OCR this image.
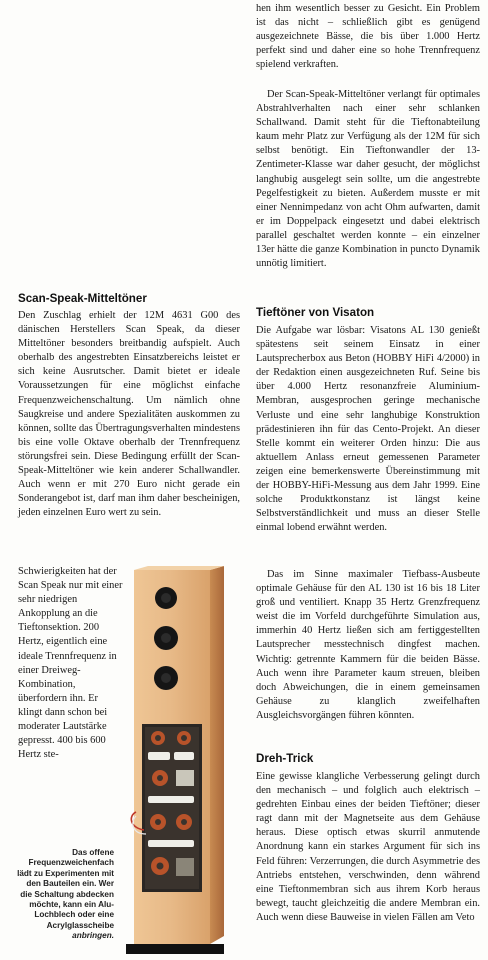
Scan-Speak-Mitteltöner

Den Zuschlag erhielt der 12M 4631 G00 des dänischen Herstellers Scan Speak, da dieser Mitteltöner besonders breitbandig aufspielt. Auch oberhalb des angestrebten Einsatzbereichs leistet er sich keine Ausrutscher. Damit bietet er ideale Voraussetzungen für eine möglichst einfache Frequenzweichenschaltung. Um nämlich ohne Saugkreise und andere Spezialitäten auskommen zu können, sollte das Übertragungsverhalten mindestens bis eine volle Oktave oberhalb der Trennfrequenz störungsfrei sein. Diese Bedingung erfüllt der Scan-Speak-Mitteltöner wie kein anderer Schallwandler. Auch wenn er mit 270 Euro nicht gerade ein Sonderangebot ist, darf man ihm daher bescheinigen, jeden einzelnen Euro wert zu sein.

Schwierigkeiten hat der Scan Speak nur mit einer sehr niedrigen Ankopplung an die Tieftonsektion. 200 Hertz, eigentlich eine ideale Trennfrequenz in einer Dreiweg-Kombination, überfordern ihn. Er klingt dann schon bei moderater Lautstärke gepresst. 400 bis 600 Hertz ste-

Das offene Frequenzweichenfach lädt zu Experimenten mit den Bauteilen ein. Wer die Schaltung abdecken möchte, kann ein Alu-Lochblech oder eine Acrylglasscheibe anbringen.

hen ihm wesentlich besser zu Gesicht. Ein Problem ist das nicht – schließlich gibt es genügend ausgezeichnete Bässe, die bis über 1.000 Hertz perfekt sind und daher eine so hohe Trennfrequenz spielend verkraften.

Der Scan-Speak-Mitteltöner verlangt für optimales Abstrahlverhalten nach einer sehr schlanken Schallwand. Damit steht für die Tieftonabteilung kaum mehr Platz zur Verfügung als der 12M für sich selbst benötigt. Ein Tieftonwandler der 13-Zentimeter-Klasse war daher gesucht, der möglichst langhubig ausgelegt sein sollte, um die angestrebte Pegelfestigkeit zu bieten. Außerdem musste er mit einer Nennimpedanz von acht Ohm aufwarten, damit er im Doppelpack eingesetzt und dabei elektrisch parallel geschaltet werden konnte – ein einzelner 13er hätte die ganze Kombination in puncto Dynamik unnötig limitiert.

Tieftöner von Visaton

Die Aufgabe war lösbar: Visatons AL 130 genießt spätestens seit seinem Einsatz in einer Lautsprecherbox aus Beton (HOBBY HiFi 4/2000) in der Redaktion einen ausgezeichneten Ruf. Seine bis über 4.000 Hertz resonanzfreie Aluminium-Membran, ausgesprochen geringe mechanische Verluste und eine sehr langhubige Konstruktion prädestinieren ihn für das Cento-Projekt. An dieser Stelle kommt ein weiterer Orden hinzu: Die aus aktuellem Anlass erneut gemessenen Parameter zeigen eine bemerkenswerte Übereinstimmung mit der HOBBY-HiFi-Messung aus dem Jahr 1999. Eine solche Produktkonstanz ist längst keine Selbstverständlichkeit und muss an dieser Stelle einmal lobend erwähnt werden.

Das im Sinne maximaler Tiefbass-Ausbeute optimale Gehäuse für den AL 130 ist 16 bis 18 Liter groß und ventiliert. Knapp 35 Hertz Grenzfrequenz weist die im Vorfeld durchgeführte Simulation aus, immerhin 40 Hertz ließen sich am fertiggestellten Lautsprecher messtechnisch dingfest machen. Wichtig: getrennte Kammern für die beiden Bässe. Auch wenn ihre Parameter kaum streuen, bleiben doch Abweichungen, die in einem gemeinsamen Gehäuse zu klanglich zweifelhaften Ausgleichsvorgängen führen könnten.

Dreh-Trick

Eine gewisse klangliche Verbesserung gelingt durch den mechanisch – und folglich auch elektrisch – gedrehten Einbau eines der beiden Tieftöner; dieser ragt dann mit der Magnetseite aus dem Gehäuse heraus. Diese optisch etwas skurril anmutende Anordnung kann ein starkes Argument für sich ins Feld führen: Verzerrungen, die durch Asymmetrie des Antriebs entstehen, verschwinden, denn während eine Tieftonmembran sich aus ihrem Korb heraus bewegt, taucht gleichzeitig die andere Membran ein. Auch wenn diese Bauweise in vielen Fällen am Veto
